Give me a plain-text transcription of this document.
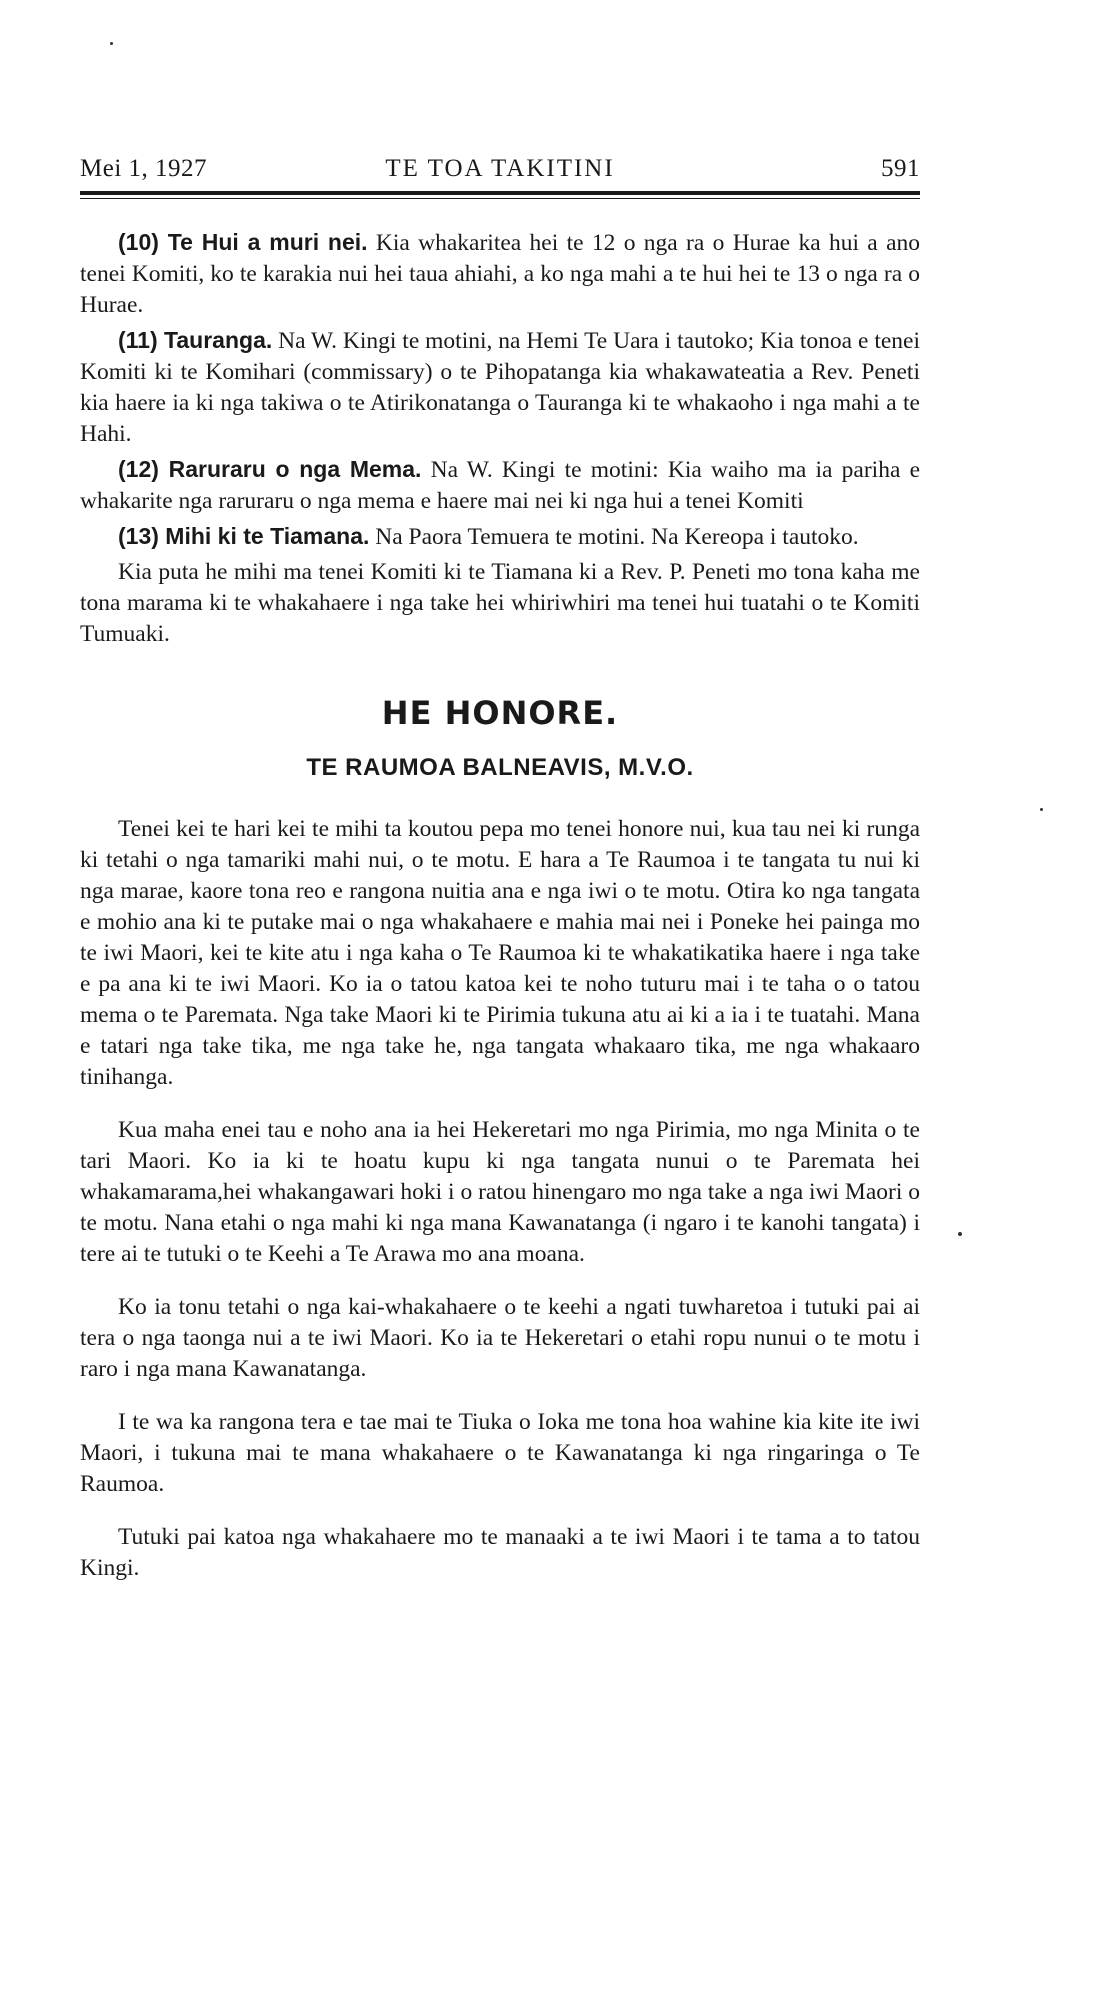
Mei 1, 1927	TE TOA TAKITINI	591

(10) Te Hui a muri nei. Kia whakaritea hei te 12 o nga ra o Hurae ka hui a ano tenei Komiti, ko te karakia nui hei taua ahiahi, a ko nga mahi a te hui hei te 13 o nga ra o Hurae.

(11) Tauranga. Na W. Kingi te motini, na Hemi Te Uara i tautoko; Kia tonoa e tenei Komiti ki te Komihari (commissary) o te Pihopatanga kia whakawateatia a Rev. Peneti kia haere ia ki nga takiwa o te Atirikonatanga o Tauranga ki te whakaoho i nga mahi a te Hahi.

(12) Raruraru o nga Mema. Na W. Kingi te motini: Kia waiho ma ia pariha e whakarite nga raruraru o nga mema e haere mai nei ki nga hui a tenei Komiti

(13) Mihi ki te Tiamana. Na Paora Temuera te motini. Na Kereopa i tautoko.

Kia puta he mihi ma tenei Komiti ki te Tiamana ki a Rev. P. Peneti mo tona kaha me tona marama ki te whakahaere i nga take hei whiriwhiri ma tenei hui tuatahi o te Komiti Tumuaki.

HE HONORE.
TE RAUMOA BALNEAVIS, M.V.O.

Tenei kei te hari kei te mihi ta koutou pepa mo tenei honore nui, kua tau nei ki runga ki tetahi o nga tamariki mahi nui, o te motu. E hara a Te Raumoa i te tangata tu nui ki nga marae, kaore tona reo e rangona nuitia ana e nga iwi o te motu. Otira ko nga tangata e mohio ana ki te putake mai o nga whakahaere e mahia mai nei i Poneke hei painga mo te iwi Maori, kei te kite atu i nga kaha o Te Raumoa ki te whakatikatika haere i nga take e pa ana ki te iwi Maori. Ko ia o tatou katoa kei te noho tuturu mai i te taha o o tatou mema o te Paremata. Nga take Maori ki te Pirimia tukuna atu ai ki a ia i te tuatahi. Mana e tatari nga take tika, me nga take he, nga tangata whakaaro tika, me nga whakaaro tinihanga.

Kua maha enei tau e noho ana ia hei Hekeretari mo nga Pirimia, mo nga Minita o te tari Maori. Ko ia ki te hoatu kupu ki nga tangata nunui o te Paremata hei whakamarama,hei whakangawari hoki i o ratou hinengaro mo nga take a nga iwi Maori o te motu. Nana etahi o nga mahi ki nga mana Kawanatanga (i ngaro i te kanohi tangata) i tere ai te tutuki o te Keehi a Te Arawa mo ana moana.

Ko ia tonu tetahi o nga kai-whakahaere o te keehi a ngati tuwharetoa i tutuki pai ai tera o nga taonga nui a te iwi Maori. Ko ia te Hekeretari o etahi ropu nunui o te motu i raro i nga mana Kawanatanga.

I te wa ka rangona tera e tae mai te Tiuka o Ioka me tona hoa wahine kia kite ite iwi Maori, i tukuna mai te mana whakahaere o te Kawanatanga ki nga ringaringa o Te Raumoa.

Tutuki pai katoa nga whakahaere mo te manaaki a te iwi Maori i te tama a to tatou Kingi.
